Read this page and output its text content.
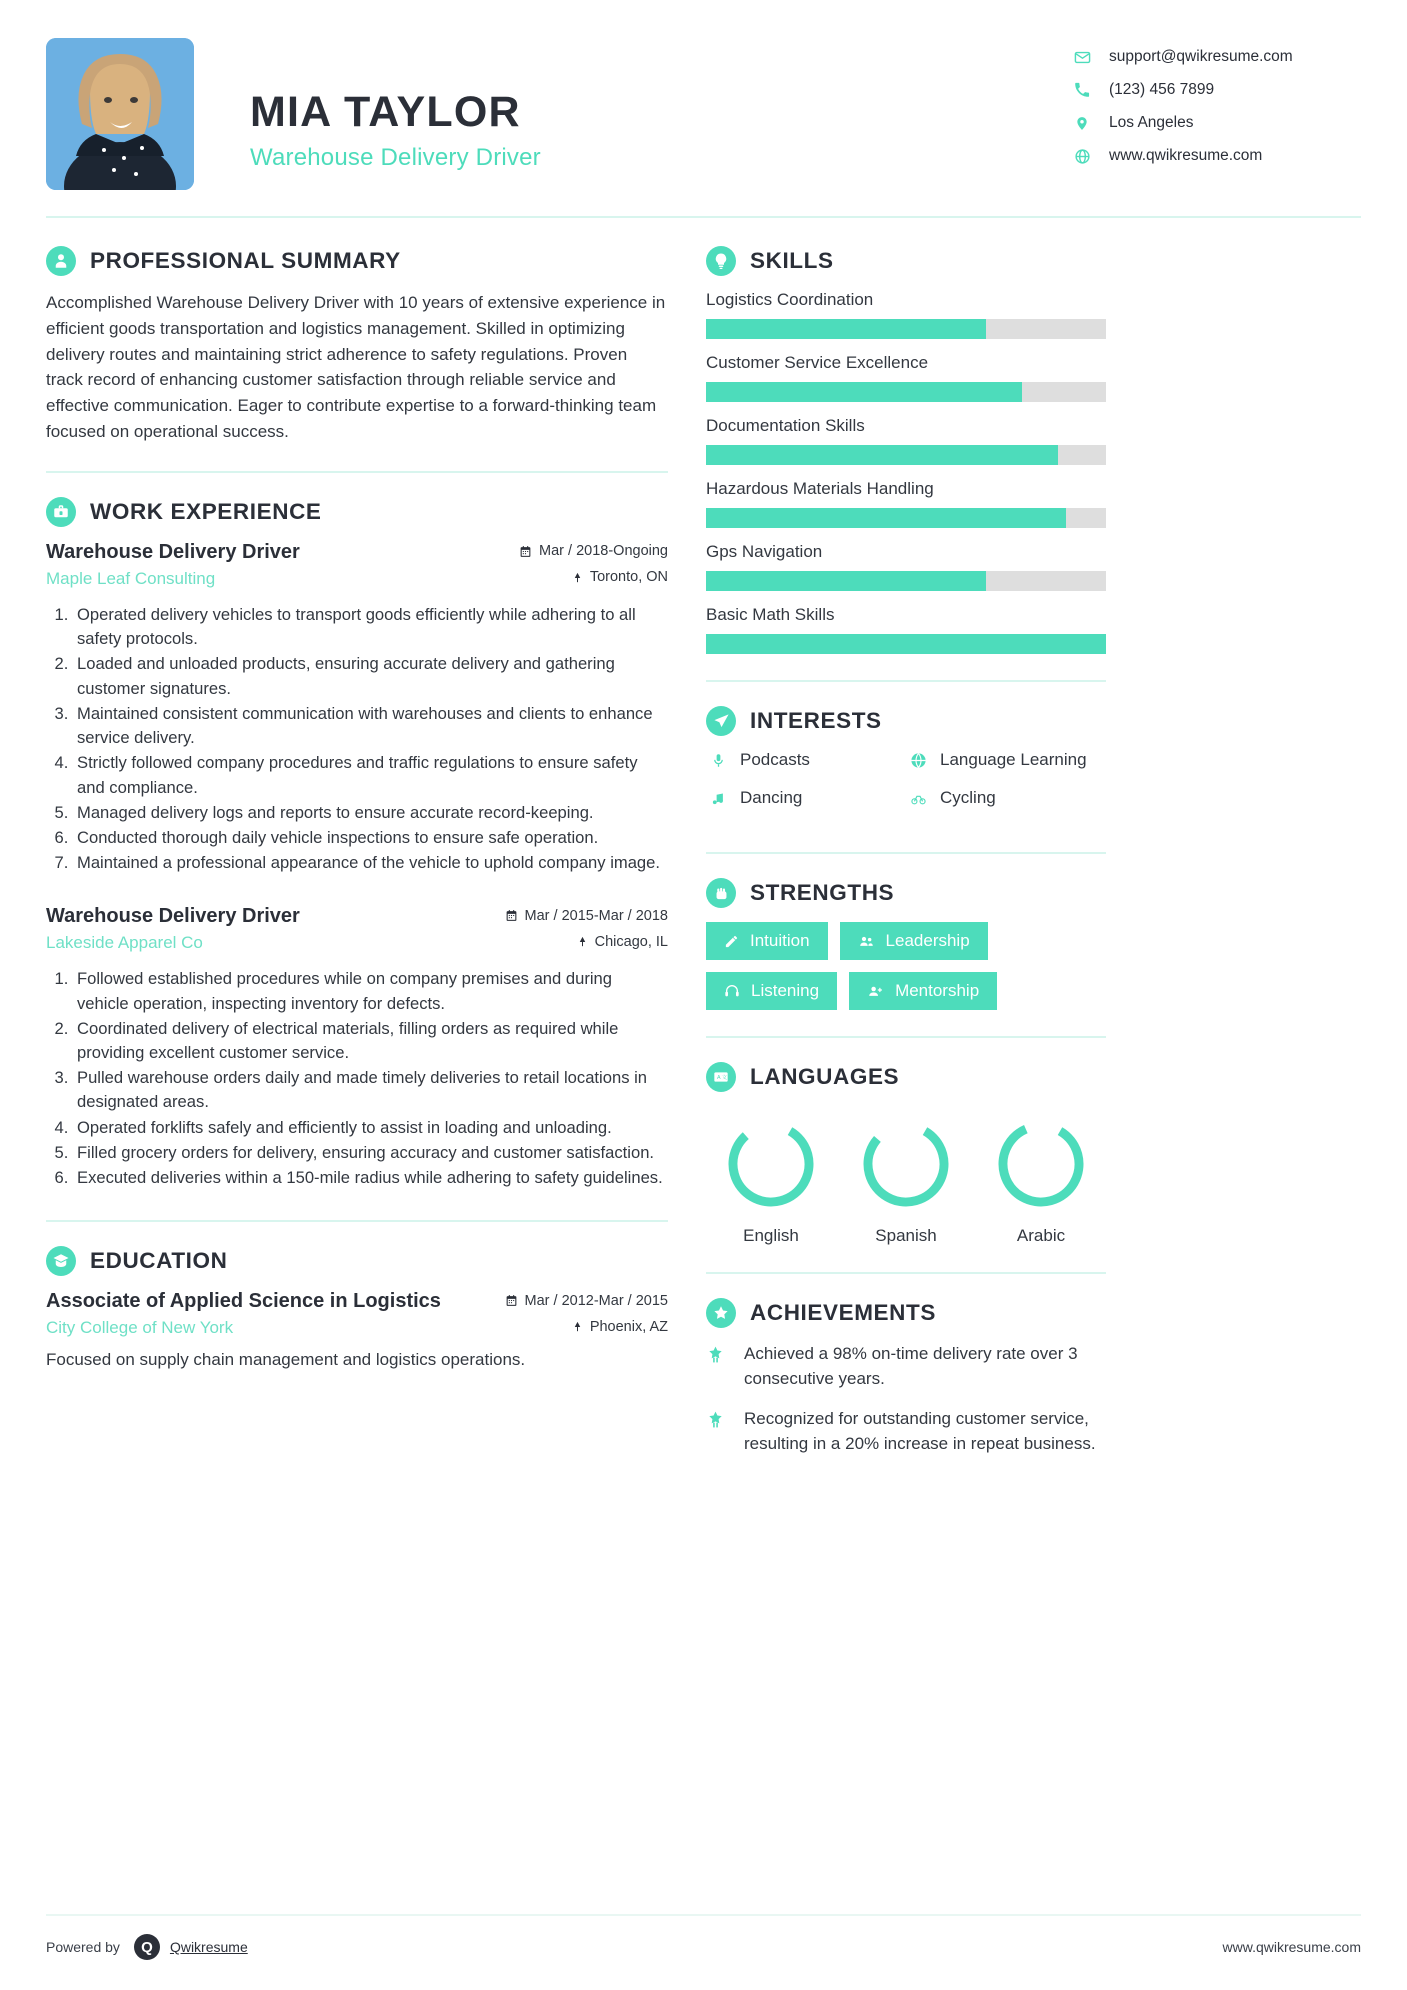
MIA TAYLOR
Warehouse Delivery Driver
support@qwikresume.com
(123) 456 7899
Los Angeles
www.qwikresume.com
PROFESSIONAL SUMMARY
Accomplished Warehouse Delivery Driver with 10 years of extensive experience in efficient goods transportation and logistics management. Skilled in optimizing delivery routes and maintaining strict adherence to safety regulations. Proven track record of enhancing customer satisfaction through reliable service and effective communication. Eager to contribute expertise to a forward-thinking team focused on operational success.
WORK EXPERIENCE
Warehouse Delivery Driver	Mar / 2018-Ongoing
Maple Leaf Consulting	Toronto, ON
1. Operated delivery vehicles to transport goods efficiently while adhering to all safety protocols.
2. Loaded and unloaded products, ensuring accurate delivery and gathering customer signatures.
3. Maintained consistent communication with warehouses and clients to enhance service delivery.
4. Strictly followed company procedures and traffic regulations to ensure safety and compliance.
5. Managed delivery logs and reports to ensure accurate record-keeping.
6. Conducted thorough daily vehicle inspections to ensure safe operation.
7. Maintained a professional appearance of the vehicle to uphold company image.
Warehouse Delivery Driver	Mar / 2015-Mar / 2018
Lakeside Apparel Co	Chicago, IL
1. Followed established procedures while on company premises and during vehicle operation, inspecting inventory for defects.
2. Coordinated delivery of electrical materials, filling orders as required while providing excellent customer service.
3. Pulled warehouse orders daily and made timely deliveries to retail locations in designated areas.
4. Operated forklifts safely and efficiently to assist in loading and unloading.
5. Filled grocery orders for delivery, ensuring accuracy and customer satisfaction.
6. Executed deliveries within a 150-mile radius while adhering to safety guidelines.
EDUCATION
Associate of Applied Science in Logistics	Mar / 2012-Mar / 2015
City College of New York	Phoenix, AZ
Focused on supply chain management and logistics operations.
SKILLS
Logistics Coordination
Customer Service Excellence
Documentation Skills
Hazardous Materials Handling
Gps Navigation
Basic Math Skills
INTERESTS
Podcasts	Language Learning
Dancing	Cycling
STRENGTHS
Intuition	Leadership
Listening	Mentorship
A 文 LANGUAGES
English	Spanish	Arabic
ACHIEVEMENTS
Achieved a 98% on-time delivery rate over 3 consecutive years.
Recognized for outstanding customer service, resulting in a 20% increase in repeat business.
Powered by	Q	Qwikresume	www.qwikresume.com
